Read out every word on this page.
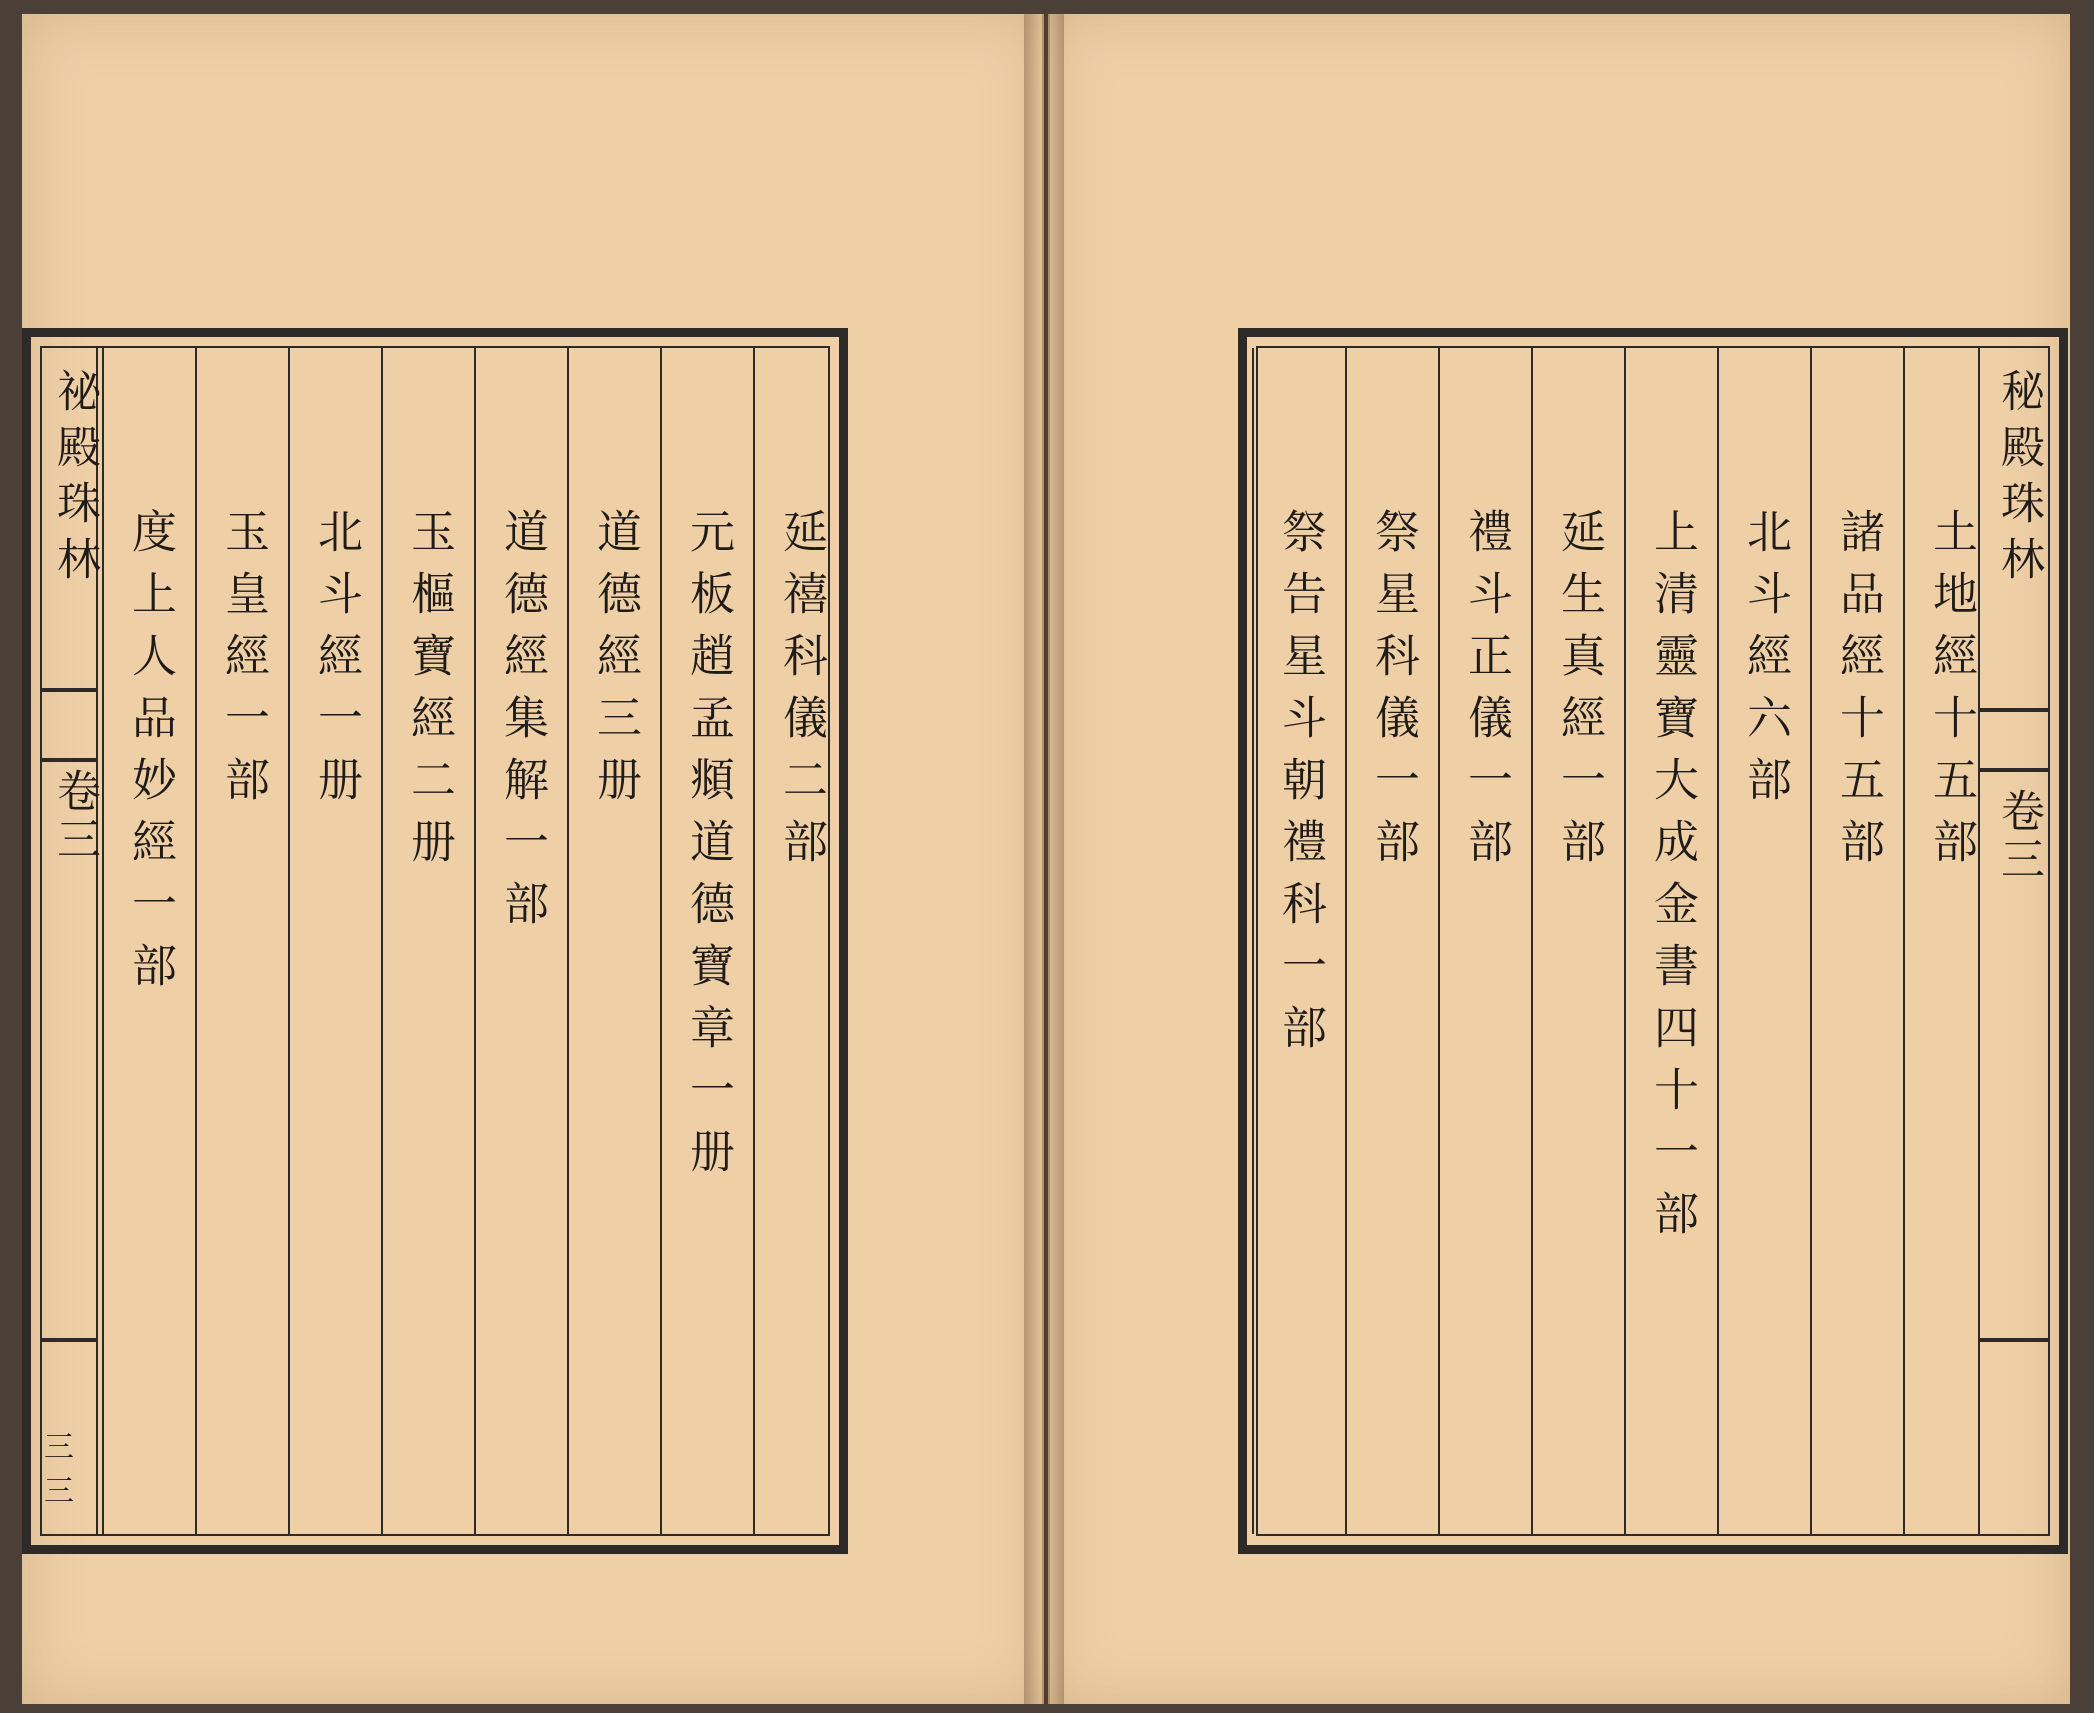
祕殿珠林
卷三
三三
延禧科儀二部
元板趙孟頫道德寶章一册
道德經三册
道德經集解一部
玉樞寶經二册
北斗經一册
玉皇經一部
度上人品妙經一部
秘殿珠林
卷三
土地經十五部
諸品經十五部
北斗經六部
上清靈寶大成金書四十一部
延生真經一部
禮斗正儀一部
祭星科儀一部
祭告星斗朝禮科一部
